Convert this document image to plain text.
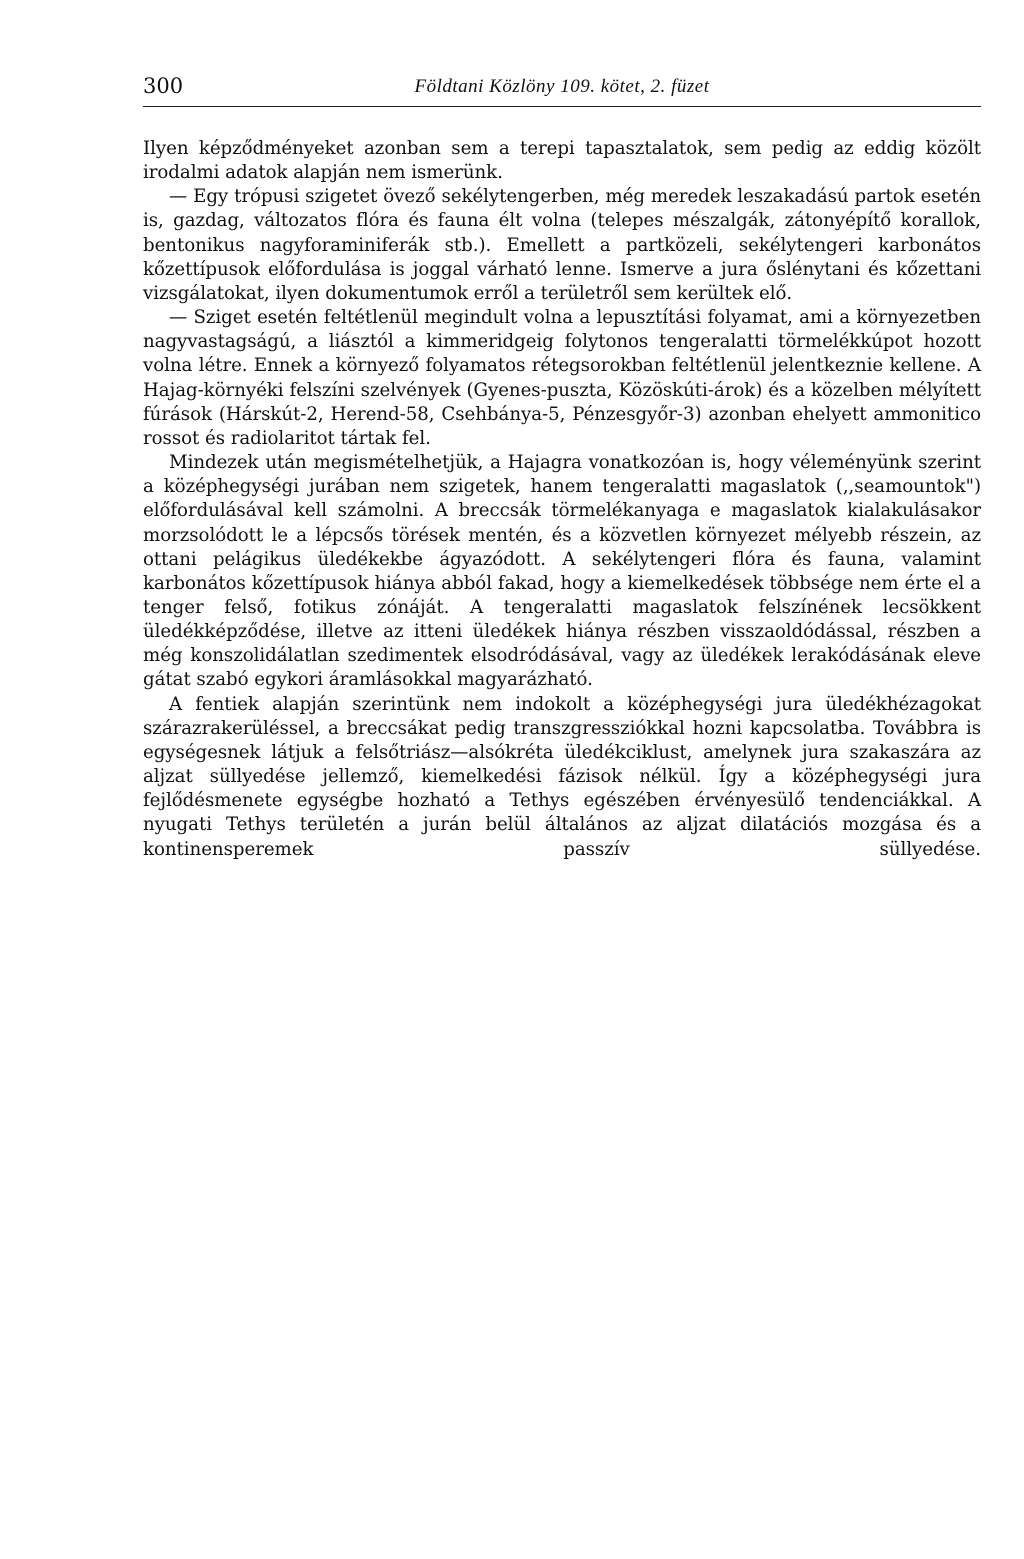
300	Földtani Közlöny 109. kötet, 2. füzet

Ilyen képződményeket azonban sem a terepi tapasztalatok, sem pedig az eddig közölt irodalmi adatok alapján nem ismerünk.

— Egy trópusi szigetet övező sekélytengerben, még meredek leszakadású partok esetén is, gazdag, változatos flóra és fauna élt volna (telepes mészalgák, zátonyépítő korallok, bentonikus nagyforaminiferák stb.). Emellett a partközeli, sekélytengeri karbonátos kőzettípusok előfordulása is joggal várható lenne. Ismerve a jura őslénytani és kőzettani vizsgálatokat, ilyen dokumentumok erről a területről sem kerültek elő.

— Sziget esetén feltétlenül megindult volna a lepusztítási folyamat, ami a környezetben nagyvastagságú, a liásztól a kimmeridgeig folytonos tengeralatti törmelékkúpot hozott volna létre. Ennek a környező folyamatos rétegsorokban feltétlenül jelentkeznie kellene. A Hajag-környéki felszíni szelvények (Gyenes-puszta, Közöskúti-árok) és a közelben mélyített fúrások (Hárskút-2, Herend-58, Csehbánya-5, Pénzesgyőr-3) azonban ehelyett ammonitico rossot és radiolaritot tártak fel.

Mindezek után megismételhetjük, a Hajagra vonatkozóan is, hogy véleményünk szerint a középhegységi jurában nem szigetek, hanem tengeralatti magaslatok (,,seamountok") előfordulásával kell számolni. A breccsák törmelékanyaga e magaslatok kialakulásakor morzsolódott le a lépcsős törések mentén, és a közvetlen környezet mélyebb részein, az ottani pelágikus üledékekbe ágyazódott. A sekélytengeri flóra és fauna, valamint karbonátos kőzettípusok hiánya abból fakad, hogy a kiemelkedések többsége nem érte el a tenger felső, fotikus zónáját. A tengeralatti magaslatok felszínének lecsökkent üledékképződése, illetve az itteni üledékek hiánya részben visszaoldódással, részben a még konszolidálatlan szedimentek elsodródásával, vagy az üledékek lerakódásának eleve gátat szabó egykori áramlásokkal magyarázható.

A fentiek alapján szerintünk nem indokolt a középhegységi jura üledékhézagokat szárazrakerüléssel, a breccsákat pedig transzgressziókkal hozni kapcsolatba. Továbbra is egységesnek látjuk a felsőtriász—alsókréta üledékciklust, amelynek jura szakaszára az aljzat süllyedése jellemző, kiemelkedési fázisok nélkül. Így a középhegységi jura fejlődésmenete egységbe hozható a Tethys egészében érvényesülő tendenciákkal. A nyugati Tethys területén a jurán belül általános az aljzat dilatációs mozgása és a kontinensperemek passzív süllyedése.
